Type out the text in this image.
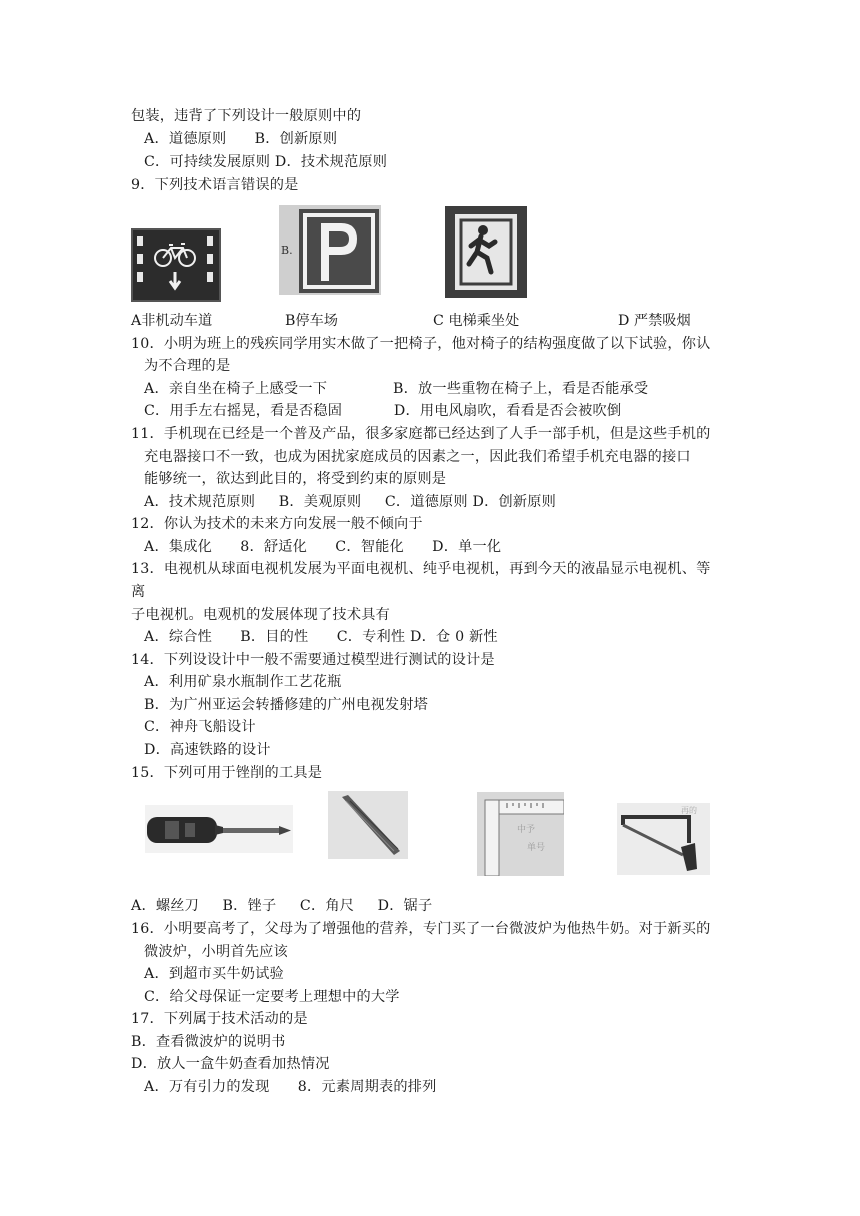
包装，违背了下列设计一般原则中的
A．道德原则      B．创新原则
C．可持续发展原则 D．技术规范原则
9．下列技术语言错误的是
B.
A非机动车道	B停车场	C 电梯乘坐处	D 严禁吸烟
10．小明为班上的残疾同学用实木做了一把椅子，他对椅子的结构强度做了以下试验，你认
为不合理的是
A．亲自坐在椅子上感受一下              B．放一些重物在椅子上，看是否能承受
C．用手左右摇晃，看是否稳固           D．用电风扇吹，看看是否会被吹倒
11．手机现在已经是一个普及产品，很多家庭都已经达到了人手一部手机，但是这些手机的
充电器接口不一致，也成为困扰家庭成员的因素之一，因此我们希望手机充电器的接口
能够统一，欲达到此目的，将受到约束的原则是
A．技术规范原则     B．美观原则     C．道德原则 D．创新原则
12．你认为技术的未来方向发展一般不倾向于
A．集成化      8．舒适化      C．智能化      D．单一化
13．电视机从球面电视机发展为平面电视机、纯乎电视机，再到今天的液晶显示电视机、等
离
子电视机。电观机的发展体现了技术具有
A．综合性      B．目的性      C．专利性 D．仓 0 新性
14．下列设设计中一般不需要通过模型进行测试的设计是
A．利用矿泉水瓶制作工艺花瓶
B．为广州亚运会转播修建的广州电视发射塔
C．神舟飞船设计
D．高速铁路的设计
15．下列可用于锉削的工具是
中予
单号
再的
A．螺丝刀     B．锉子     C．角尺     D．锯子
16．小明要高考了，父母为了增强他的营养，专门买了一台微波炉为他热牛奶。对于新买的
微波炉，小明首先应该
A．到超市买牛奶试验
C．给父母保证一定要考上理想中的大学
17．下列属于技术活动的是
B．查看微波炉的说明书
D．放人一盒牛奶查看加热情况
A．万有引力的发现      8．元素周期表的排列
